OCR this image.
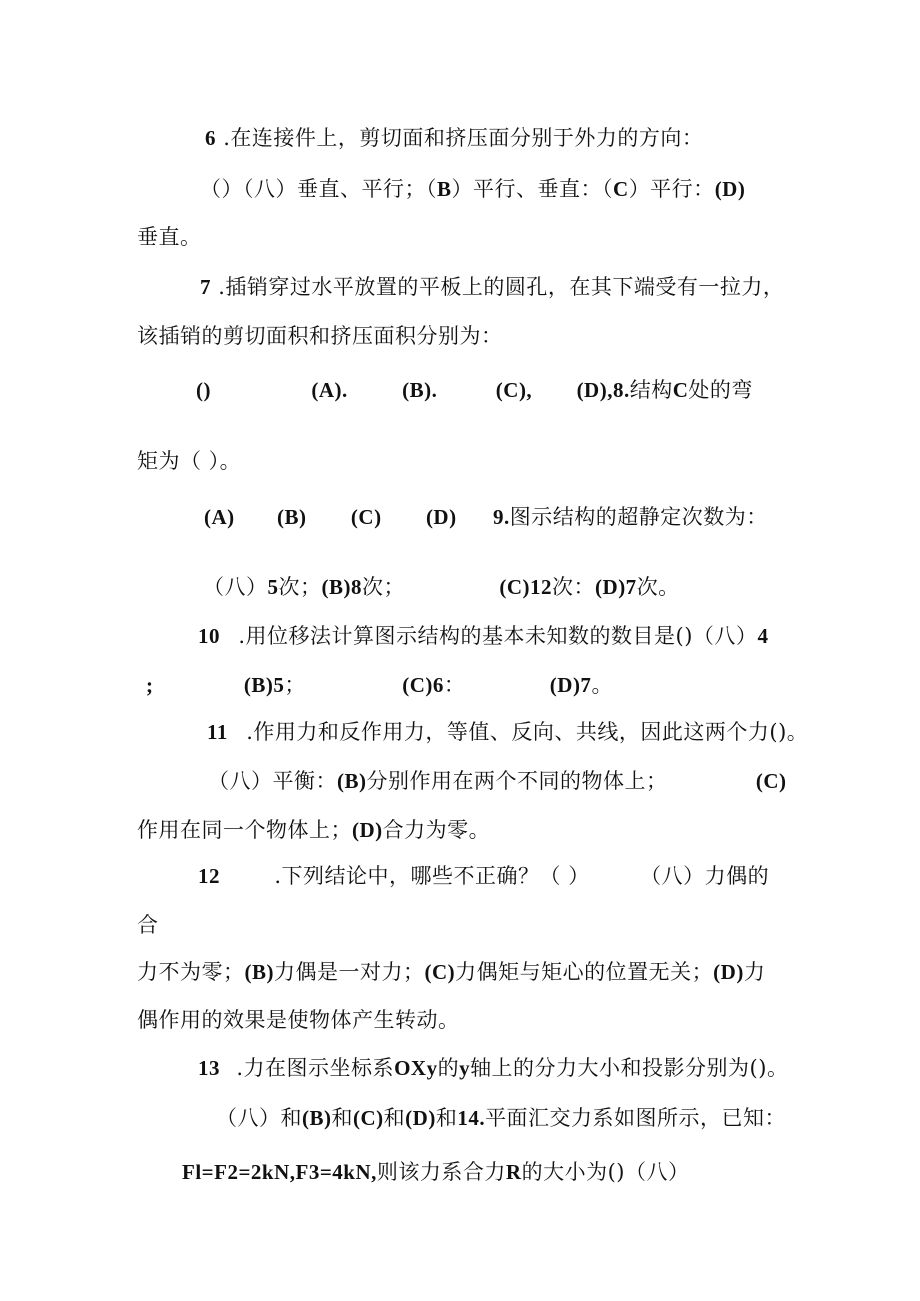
6 .在连接件上，剪切面和挤压面分别于外力的方向：
（）（八）垂直、平行；（B）平行、垂直：（C）平行：(D)
垂直。
7 .插销穿过水平放置的平板上的圆孔，在其下端受有一拉力，
该插销的剪切面积和挤压面积分别为：
()	(A).	(B).	(C), (D),8.结构C处的弯
矩为（ ）。
(A) (B) (C) (D) 9.图示结构的超静定次数为：
（八）5次；(B)8次；	(C)12次：(D)7次。
10 .用位移法计算图示结构的基本未知数的数目是()（八）4
;	(B)5；	(C)6：	(D)7。
11 .作用力和反作用力，等值、反向、共线，因此这两个力()。
（八）平衡：(B)分别作用在两个不同的物体上；	(C)
作用在同一个物体上；(D)合力为零。
12	.下列结论中，哪些不正确？（ ） （八）力偶的
合
力不为零；(B)力偶是一对力；(C)力偶矩与矩心的位置无关；(D)力
偶作用的效果是使物体产生转动。
13 .力在图示坐标系OXy的y轴上的分力大小和投影分别为()。
（八）和(B)和(C)和(D)和14.平面汇交力系如图所示，已知：
Fl=F2=2kN,F3=4kN,则该力系合力R的大小为()（八）
